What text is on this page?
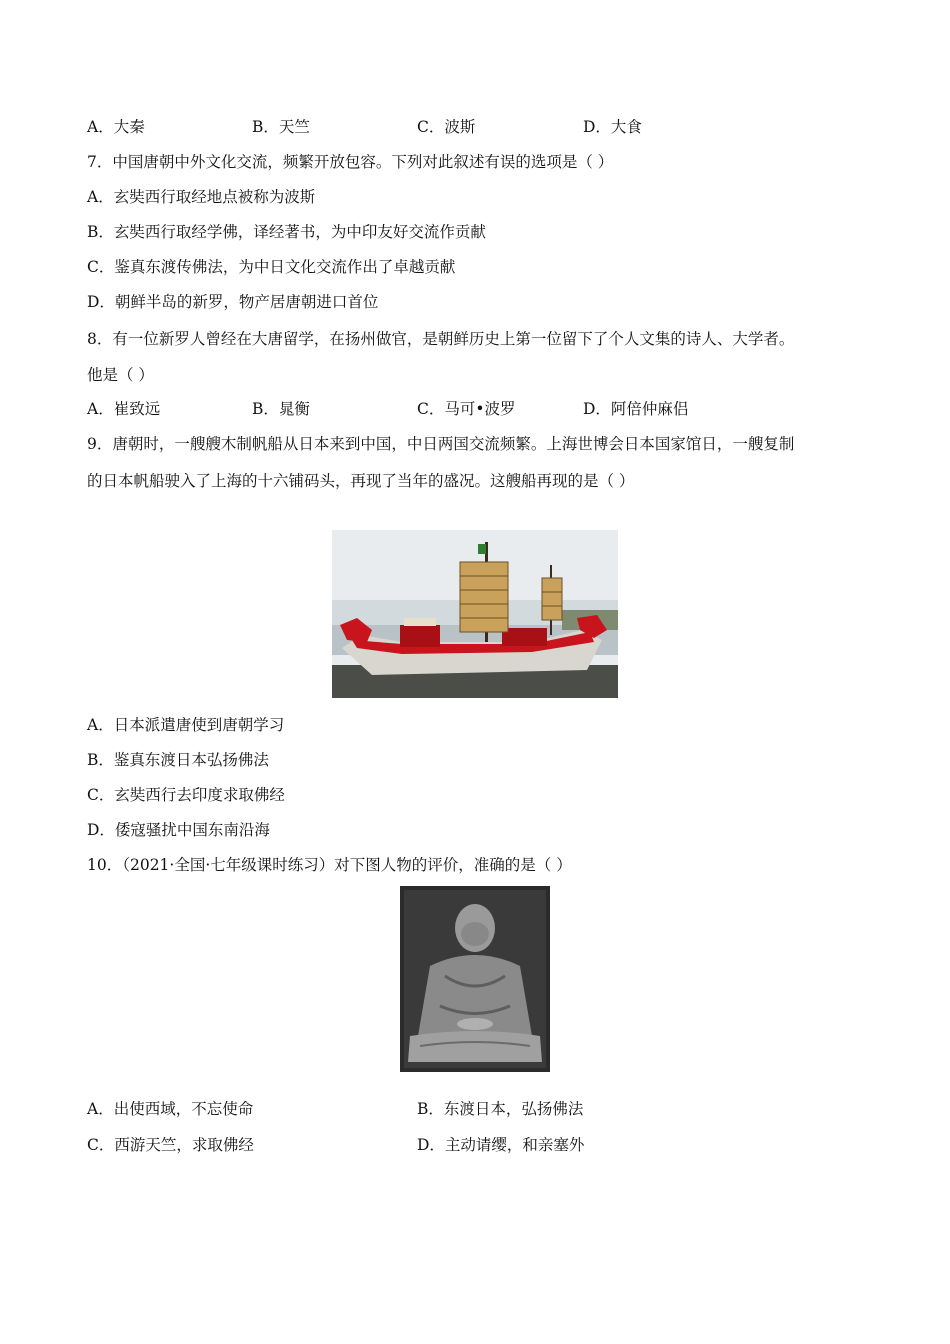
A．大秦	B．天竺	C．波斯	D．大食
7．中国唐朝中外文化交流，频繁开放包容。下列对此叙述有误的选项是（ ）
A．玄奘西行取经地点被称为波斯
B．玄奘西行取经学佛，译经著书，为中印友好交流作贡献
C．鉴真东渡传佛法，为中日文化交流作出了卓越贡献
D．朝鲜半岛的新罗，物产居唐朝进口首位
8．有一位新罗人曾经在大唐留学，在扬州做官，是朝鲜历史上第一位留下了个人文集的诗人、大学者。
他是（ ）
A．崔致远	B．晁衡	C．马可•波罗	D．阿倍仲麻侣
9．唐朝时，一艘艘木制帆船从日本来到中国，中日两国交流频繁。上海世博会日本国家馆日，一艘复制
的日本帆船驶入了上海的十六铺码头，再现了当年的盛况。这艘船再现的是（ ）
A．日本派遣唐使到唐朝学习
B．鉴真东渡日本弘扬佛法
C．玄奘西行去印度求取佛经
D．倭寇骚扰中国东南沿海
10．（2021·全国·七年级课时练习）对下图人物的评价，准确的是（ ）
A．出使西域，不忘使命	B．东渡日本，弘扬佛法
C．西游天竺，求取佛经	D．主动请缨，和亲塞外
